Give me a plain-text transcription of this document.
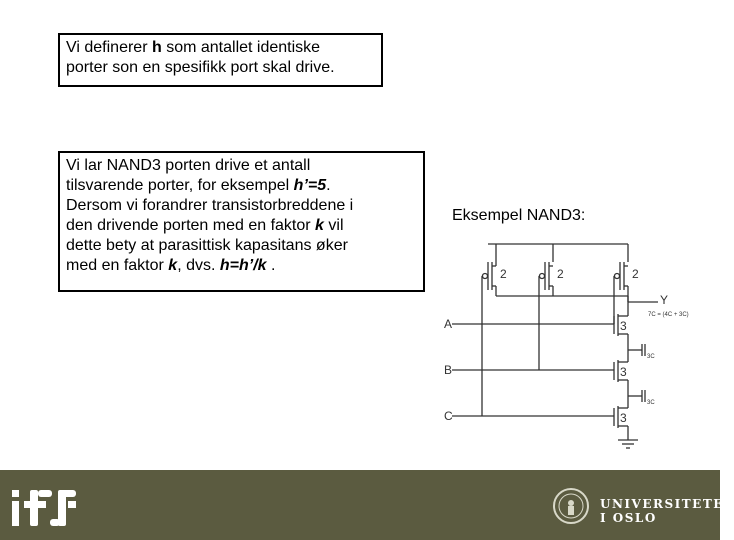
Vi definerer h som antallet identiske
porter son en spesifikk port skal drive.
Vi lar NAND3 porten drive et antall
tilsvarende porter, for eksempel h’=5.
Dersom vi forandrer transistorbreddene i
den drivende porten med en faktor k vil
dette bety at parasittisk kapasitans øker
med en faktor k, dvs. h=h’/k .
Eksempel NAND3:
2	2	2
3
3
3
A
B
C
Y
7C = (4C + 3C)
3C
3C
UNIVERSITETET
I OSLO
